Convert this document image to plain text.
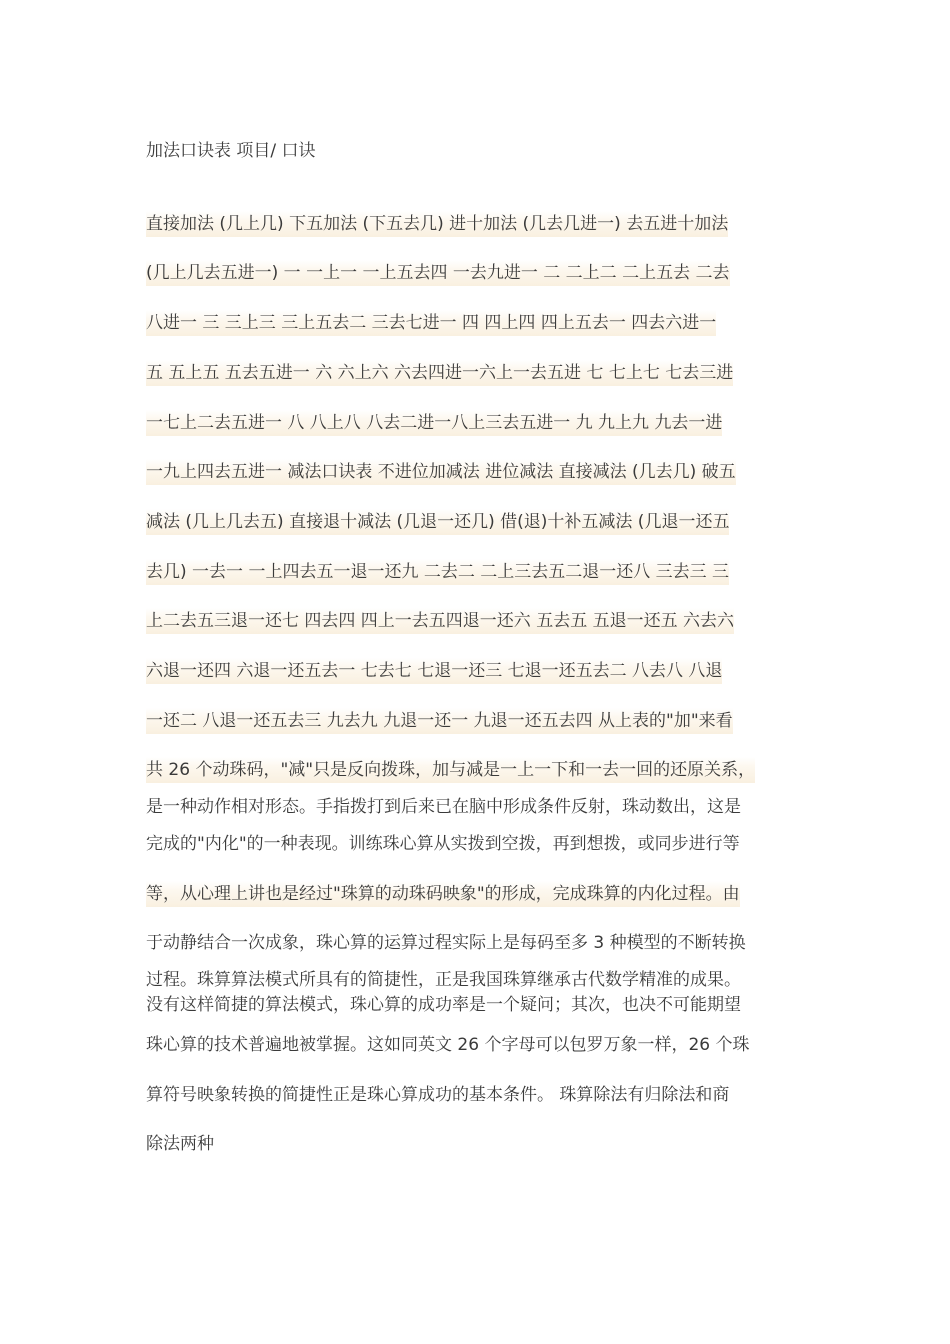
加法口诀表 项目/ 口诀
直接加法 (几上几) 下五加法 (下五去几) 进十加法 (几去几进一) 去五进十加法
(几上几去五进一) 一 一上一 一上五去四 一去九进一 二 二上二 二上五去 二去
八进一 三 三上三 三上五去二 三去七进一 四 四上四 四上五去一 四去六进一
五 五上五 五去五进一 六 六上六 六去四进一六上一去五进 七 七上七 七去三进
一七上二去五进一 八 八上八 八去二进一八上三去五进一 九 九上九 九去一进
一九上四去五进一 减法口诀表 不进位加减法 进位减法 直接减法 (几去几) 破五
减法 (几上几去五) 直接退十减法 (几退一还几) 借(退)十补五减法 (几退一还五
去几) 一去一 一上四去五一退一还九 二去二 二上三去五二退一还八 三去三 三
上二去五三退一还七 四去四 四上一去五四退一还六 五去五 五退一还五 六去六
六退一还四 六退一还五去一 七去七 七退一还三 七退一还五去二 八去八 八退
一还二 八退一还五去三 九去九 九退一还一 九退一还五去四 从上表的"加"来看
共 26 个动珠码，"减"只是反向拨珠，加与减是一上一下和一去一回的还原关系，
是一种动作相对形态。手指拨打到后来已在脑中形成条件反射，珠动数出，这是
完成的"内化"的一种表现。训练珠心算从实拨到空拨，再到想拨，或同步进行等
等，从心理上讲也是经过"珠算的动珠码映象"的形成，完成珠算的内化过程。由
于动静结合一次成象，珠心算的运算过程实际上是每码至多 3 种模型的不断转换
过程。珠算算法模式所具有的简捷性，正是我国珠算继承古代数学精准的成果。
没有这样简捷的算法模式，珠心算的成功率是一个疑问；其次，也决不可能期望
珠心算的技术普遍地被掌握。这如同英文 26 个字母可以包罗万象一样，26 个珠
算符号映象转换的简捷性正是珠心算成功的基本条件。 珠算除法有归除法和商
除法两种
